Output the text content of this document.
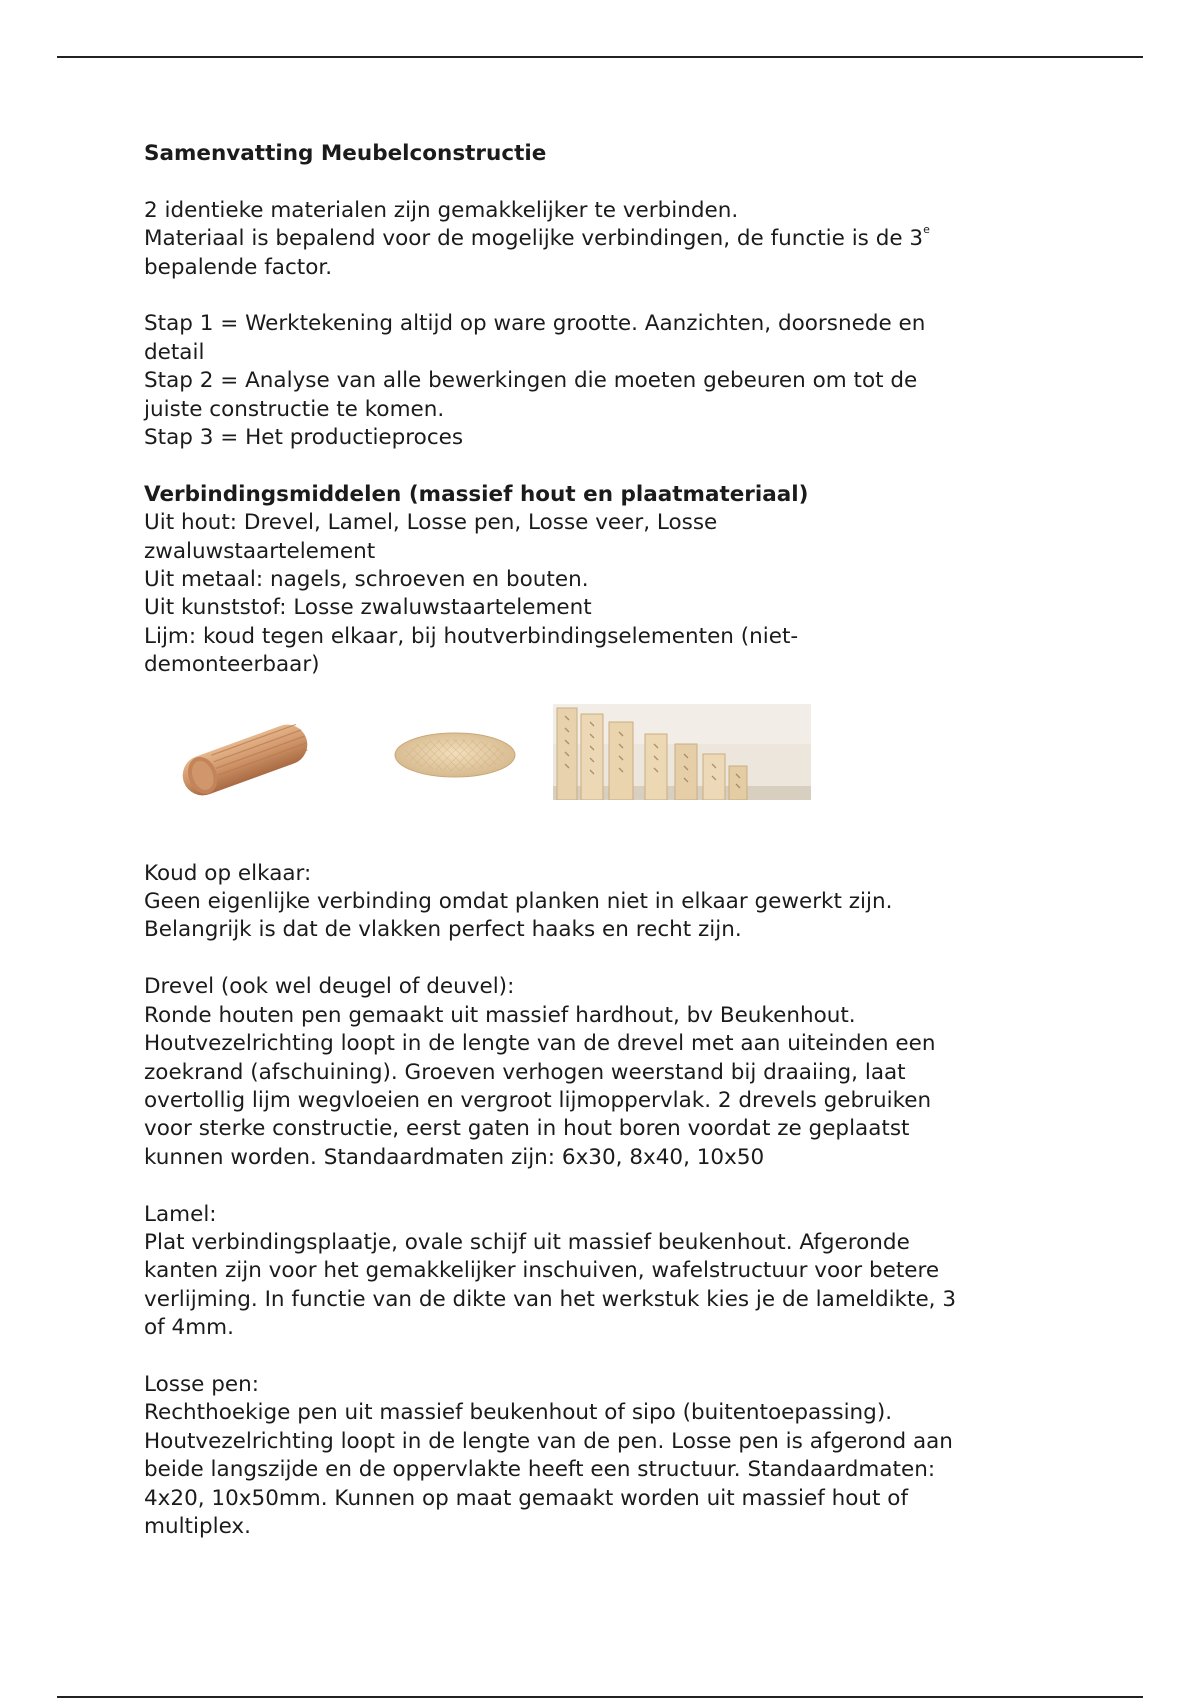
Samenvatting Meubelconstructie
2 identieke materialen zijn gemakkelijker te verbinden.
Materiaal is bepalend voor de mogelijke verbindingen, de functie is de 3e
bepalende factor.
Stap 1 = Werktekening altijd op ware grootte. Aanzichten, doorsnede en
detail
Stap 2 = Analyse van alle bewerkingen die moeten gebeuren om tot de
juiste constructie te komen.
Stap 3 = Het productieproces
Verbindingsmiddelen (massief hout en plaatmateriaal)
Uit hout: Drevel, Lamel, Losse pen, Losse veer, Losse
zwaluwstaartelement
Uit metaal: nagels, schroeven en bouten.
Uit kunststof: Losse zwaluwstaartelement
Lijm: koud tegen elkaar, bij houtverbindingselementen (niet-
demonteerbaar)
Koud op elkaar:
Geen eigenlijke verbinding omdat planken niet in elkaar gewerkt zijn.
Belangrijk is dat de vlakken perfect haaks en recht zijn.
Drevel (ook wel deugel of deuvel):
Ronde houten pen gemaakt uit massief hardhout, bv Beukenhout.
Houtvezelrichting loopt in de lengte van de drevel met aan uiteinden een
zoekrand (afschuining). Groeven verhogen weerstand bij draaiing, laat
overtollig lijm wegvloeien en vergroot lijmoppervlak. 2 drevels gebruiken
voor sterke constructie, eerst gaten in hout boren voordat ze geplaatst
kunnen worden. Standaardmaten zijn: 6x30, 8x40, 10x50
Lamel:
Plat verbindingsplaatje, ovale schijf uit massief beukenhout. Afgeronde
kanten zijn voor het gemakkelijker inschuiven, wafelstructuur voor betere
verlijming. In functie van de dikte van het werkstuk kies je de lameldikte, 3
of 4mm.
Losse pen:
Rechthoekige pen uit massief beukenhout of sipo (buitentoepassing).
Houtvezelrichting loopt in de lengte van de pen. Losse pen is afgerond aan
beide langszijde en de oppervlakte heeft een structuur. Standaardmaten:
4x20, 10x50mm. Kunnen op maat gemaakt worden uit massief hout of
multiplex.
